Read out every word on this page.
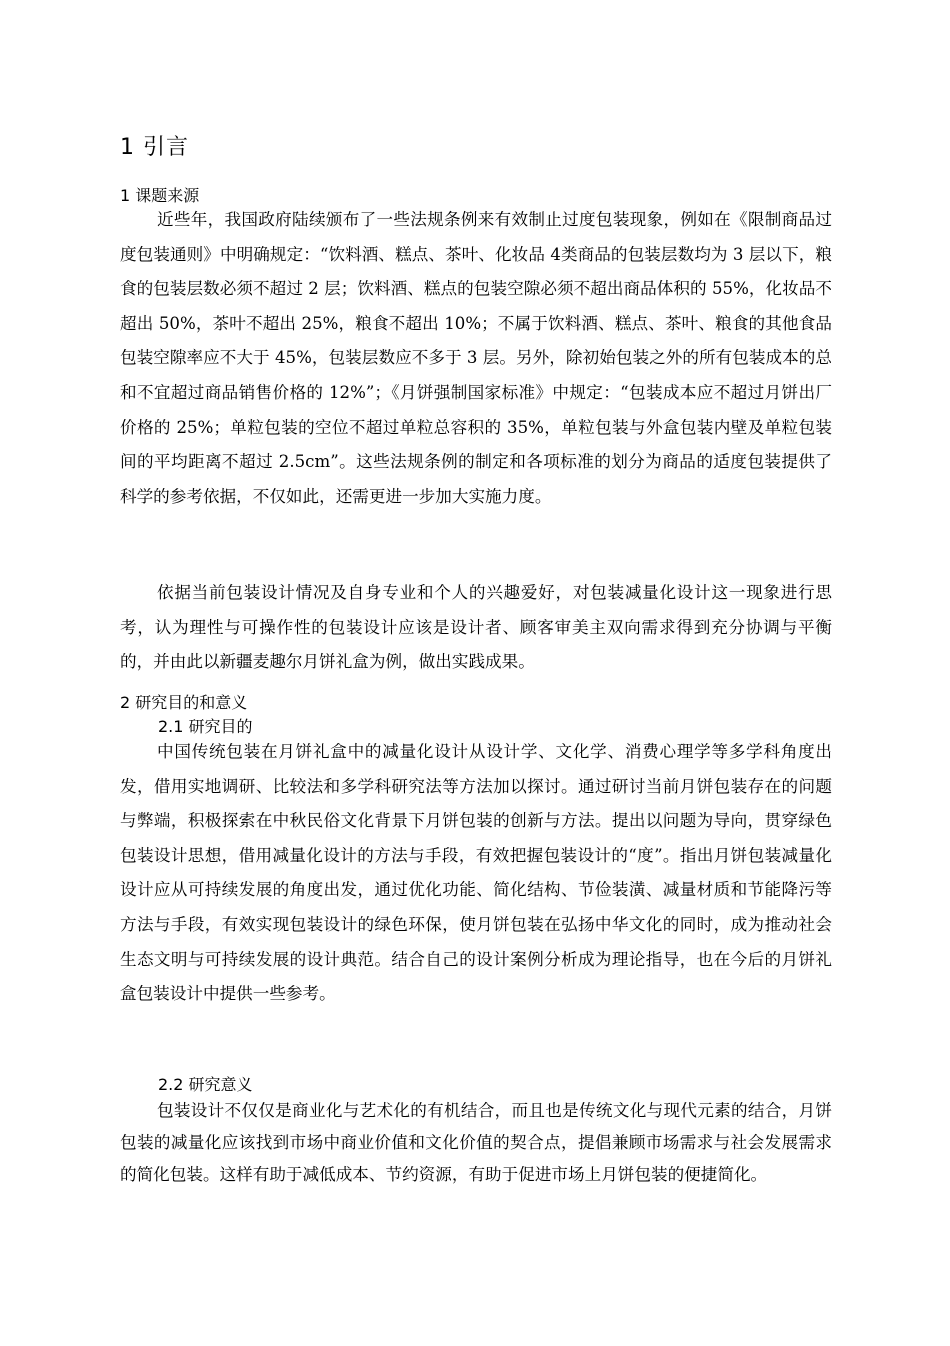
1 引言
1 课题来源

近些年，我国政府陆续颁布了一些法规条例来有效制止过度包装现象，例如在《限制商品过度包装通则》中明确规定：“饮料酒、糕点、茶叶、化妆品 4类商品的包装层数均为 3 层以下，粮食的包装层数必须不超过 2 层；饮料酒、糕点的包装空隙必须不超出商品体积的 55%，化妆品不超出 50%，茶叶不超出 25%，粮食不超出 10%；不属于饮料酒、糕点、茶叶、粮食的其他食品包装空隙率应不大于 45%，包装层数应不多于 3 层。另外，除初始包装之外的所有包装成本的总和不宜超过商品销售价格的 12%”；《月饼强制国家标准》中规定：“包装成本应不超过月饼出厂价格的 25%；单粒包装的空位不超过单粒总容积的 35%，单粒包装与外盒包装内壁及单粒包装间的平均距离不超过 2.5cm”。这些法规条例的制定和各项标准的划分为商品的适度包装提供了科学的参考依据，不仅如此，还需更进一步加大实施力度。

依据当前包装设计情况及自身专业和个人的兴趣爱好，对包装减量化设计这一现象进行思考，认为理性与可操作性的包装设计应该是设计者、顾客审美主双向需求得到充分协调与平衡的，并由此以新疆麦趣尔月饼礼盒为例，做出实践成果。

2 研究目的和意义
2.1 研究目的

中国传统包装在月饼礼盒中的减量化设计从设计学、文化学、消费心理学等多学科角度出发，借用实地调研、比较法和多学科研究法等方法加以探讨。通过研讨当前月饼包装存在的问题与弊端，积极探索在中秋民俗文化背景下月饼包装的创新与方法。提出以问题为导向，贯穿绿色包装设计思想，借用减量化设计的方法与手段，有效把握包装设计的“度”。指出月饼包装减量化设计应从可持续发展的角度出发，通过优化功能、简化结构、节俭装潢、减量材质和节能降污等方法与手段，有效实现包装设计的绿色环保，使月饼包装在弘扬中华文化的同时，成为推动社会生态文明与可持续发展的设计典范。结合自己的设计案例分析成为理论指导，也在今后的月饼礼盒包装设计中提供一些参考。

2.2 研究意义

包装设计不仅仅是商业化与艺术化的有机结合，而且也是传统文化与现代元素的结合，月饼包装的减量化应该找到市场中商业价值和文化价值的契合点，提倡兼顾市场需求与社会发展需求的简化包装。这样有助于减低成本、节约资源，有助于促进市场上月饼包装的便捷简化。
